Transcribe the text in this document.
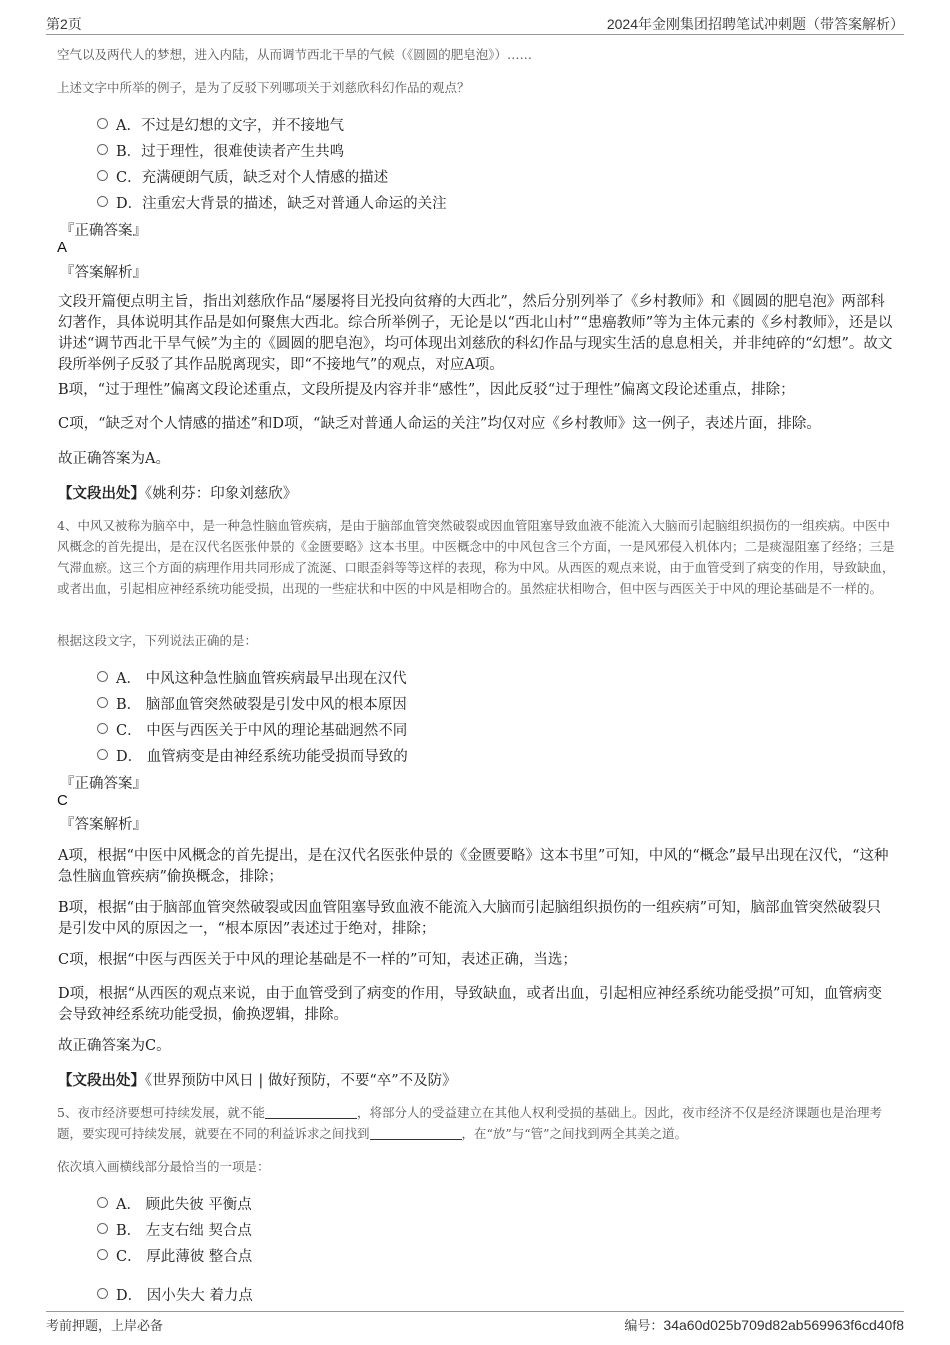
第2页	2024年金刚集团招聘笔试冲刺题（带答案解析）
空气以及两代人的梦想，进入内陆，从而调节西北干旱的气候（《圆圆的肥皂泡》）……
上述文字中所举的例子，是为了反驳下列哪项关于刘慈欣科幻作品的观点？
A．不过是幻想的文字，并不接地气
B．过于理性，很难使读者产生共鸣
C．充满硬朗气质，缺乏对个人情感的描述
D．注重宏大背景的描述，缺乏对普通人命运的关注
『正确答案』
A
『答案解析』
文段开篇便点明主旨，指出刘慈欣作品“屡屡将目光投向贫瘠的大西北”，然后分别列举了《乡村教师》和《圆圆的肥皂泡》两部科幻著作，具体说明其作品是如何聚焦大西北。综合所举例子，无论是以“西北山村”“患癌教师”等为主体元素的《乡村教师》，还是以讲述“调节西北干旱气候”为主的《圆圆的肥皂泡》，均可体现出刘慈欣的科幻作品与现实生活的息息相关，并非纯碎的“幻想”。故文段所举例子反驳了其作品脱离现实，即“不接地气”的观点，对应A项。
B项，“过于理性”偏离文段论述重点，文段所提及内容并非“感性”，因此反驳“过于理性”偏离文段论述重点，排除；
C项，“缺乏对个人情感的描述”和D项，“缺乏对普通人命运的关注”均仅对应《乡村教师》这一例子，表述片面，排除。
故正确答案为A。
【文段出处】《姚利芬：印象刘慈欣》
4、中风又被称为脑卒中，是一种急性脑血管疾病，是由于脑部血管突然破裂或因血管阻塞导致血液不能流入大脑而引起脑组织损伤的一组疾病。中医中风概念的首先提出，是在汉代名医张仲景的《金匮要略》这本书里。中医概念中的中风包含三个方面，一是风邪侵入机体内；二是痰湿阻塞了经络；三是气滞血瘀。这三个方面的病理作用共同形成了流涎、口眼歪斜等等这样的表现，称为中风。从西医的观点来说，由于血管受到了病变的作用，导致缺血，或者出血，引起相应神经系统功能受损，出现的一些症状和中医的中风是相吻合的。虽然症状相吻合，但中医与西医关于中风的理论基础是不一样的。
根据这段文字，下列说法正确的是：
A． 中风这种急性脑血管疾病最早出现在汉代
B． 脑部血管突然破裂是引发中风的根本原因
C． 中医与西医关于中风的理论基础迥然不同
D． 血管病变是由神经系统功能受损而导致的
『正确答案』
C
『答案解析』
A项，根据“中医中风概念的首先提出，是在汉代名医张仲景的《金匮要略》这本书里”可知，中风的“概念”最早出现在汉代，“这种急性脑血管疾病”偷换概念，排除；
B项，根据“由于脑部血管突然破裂或因血管阻塞导致血液不能流入大脑而引起脑组织损伤的一组疾病”可知，脑部血管突然破裂只是引发中风的原因之一，“根本原因”表述过于绝对，排除；
C项，根据“中医与西医关于中风的理论基础是不一样的”可知，表述正确，当选；
D项，根据“从西医的观点来说，由于血管受到了病变的作用，导致缺血，或者出血，引起相应神经系统功能受损”可知，血管病变会导致神经系统功能受损，偷换逻辑，排除。
故正确答案为C。
【文段出处】《世界预防中风日 | 做好预防，不要“卒”不及防》
5、夜市经济要想可持续发展，就不能	，将部分人的受益建立在其他人权利受损的基础上。因此，夜市经济不仅是经济课题也是治理考题，要实现可持续发展，就要在不同的利益诉求之间找到	，在“放”与“管”之间找到两全其美之道。
依次填入画横线部分最恰当的一项是：
A． 顾此失彼 平衡点
B． 左支右绌 契合点
C． 厚此薄彼 整合点
D． 因小失大 着力点
考前押题，上岸必备	编号：34a60d025b709d82ab569963f6cd40f8
